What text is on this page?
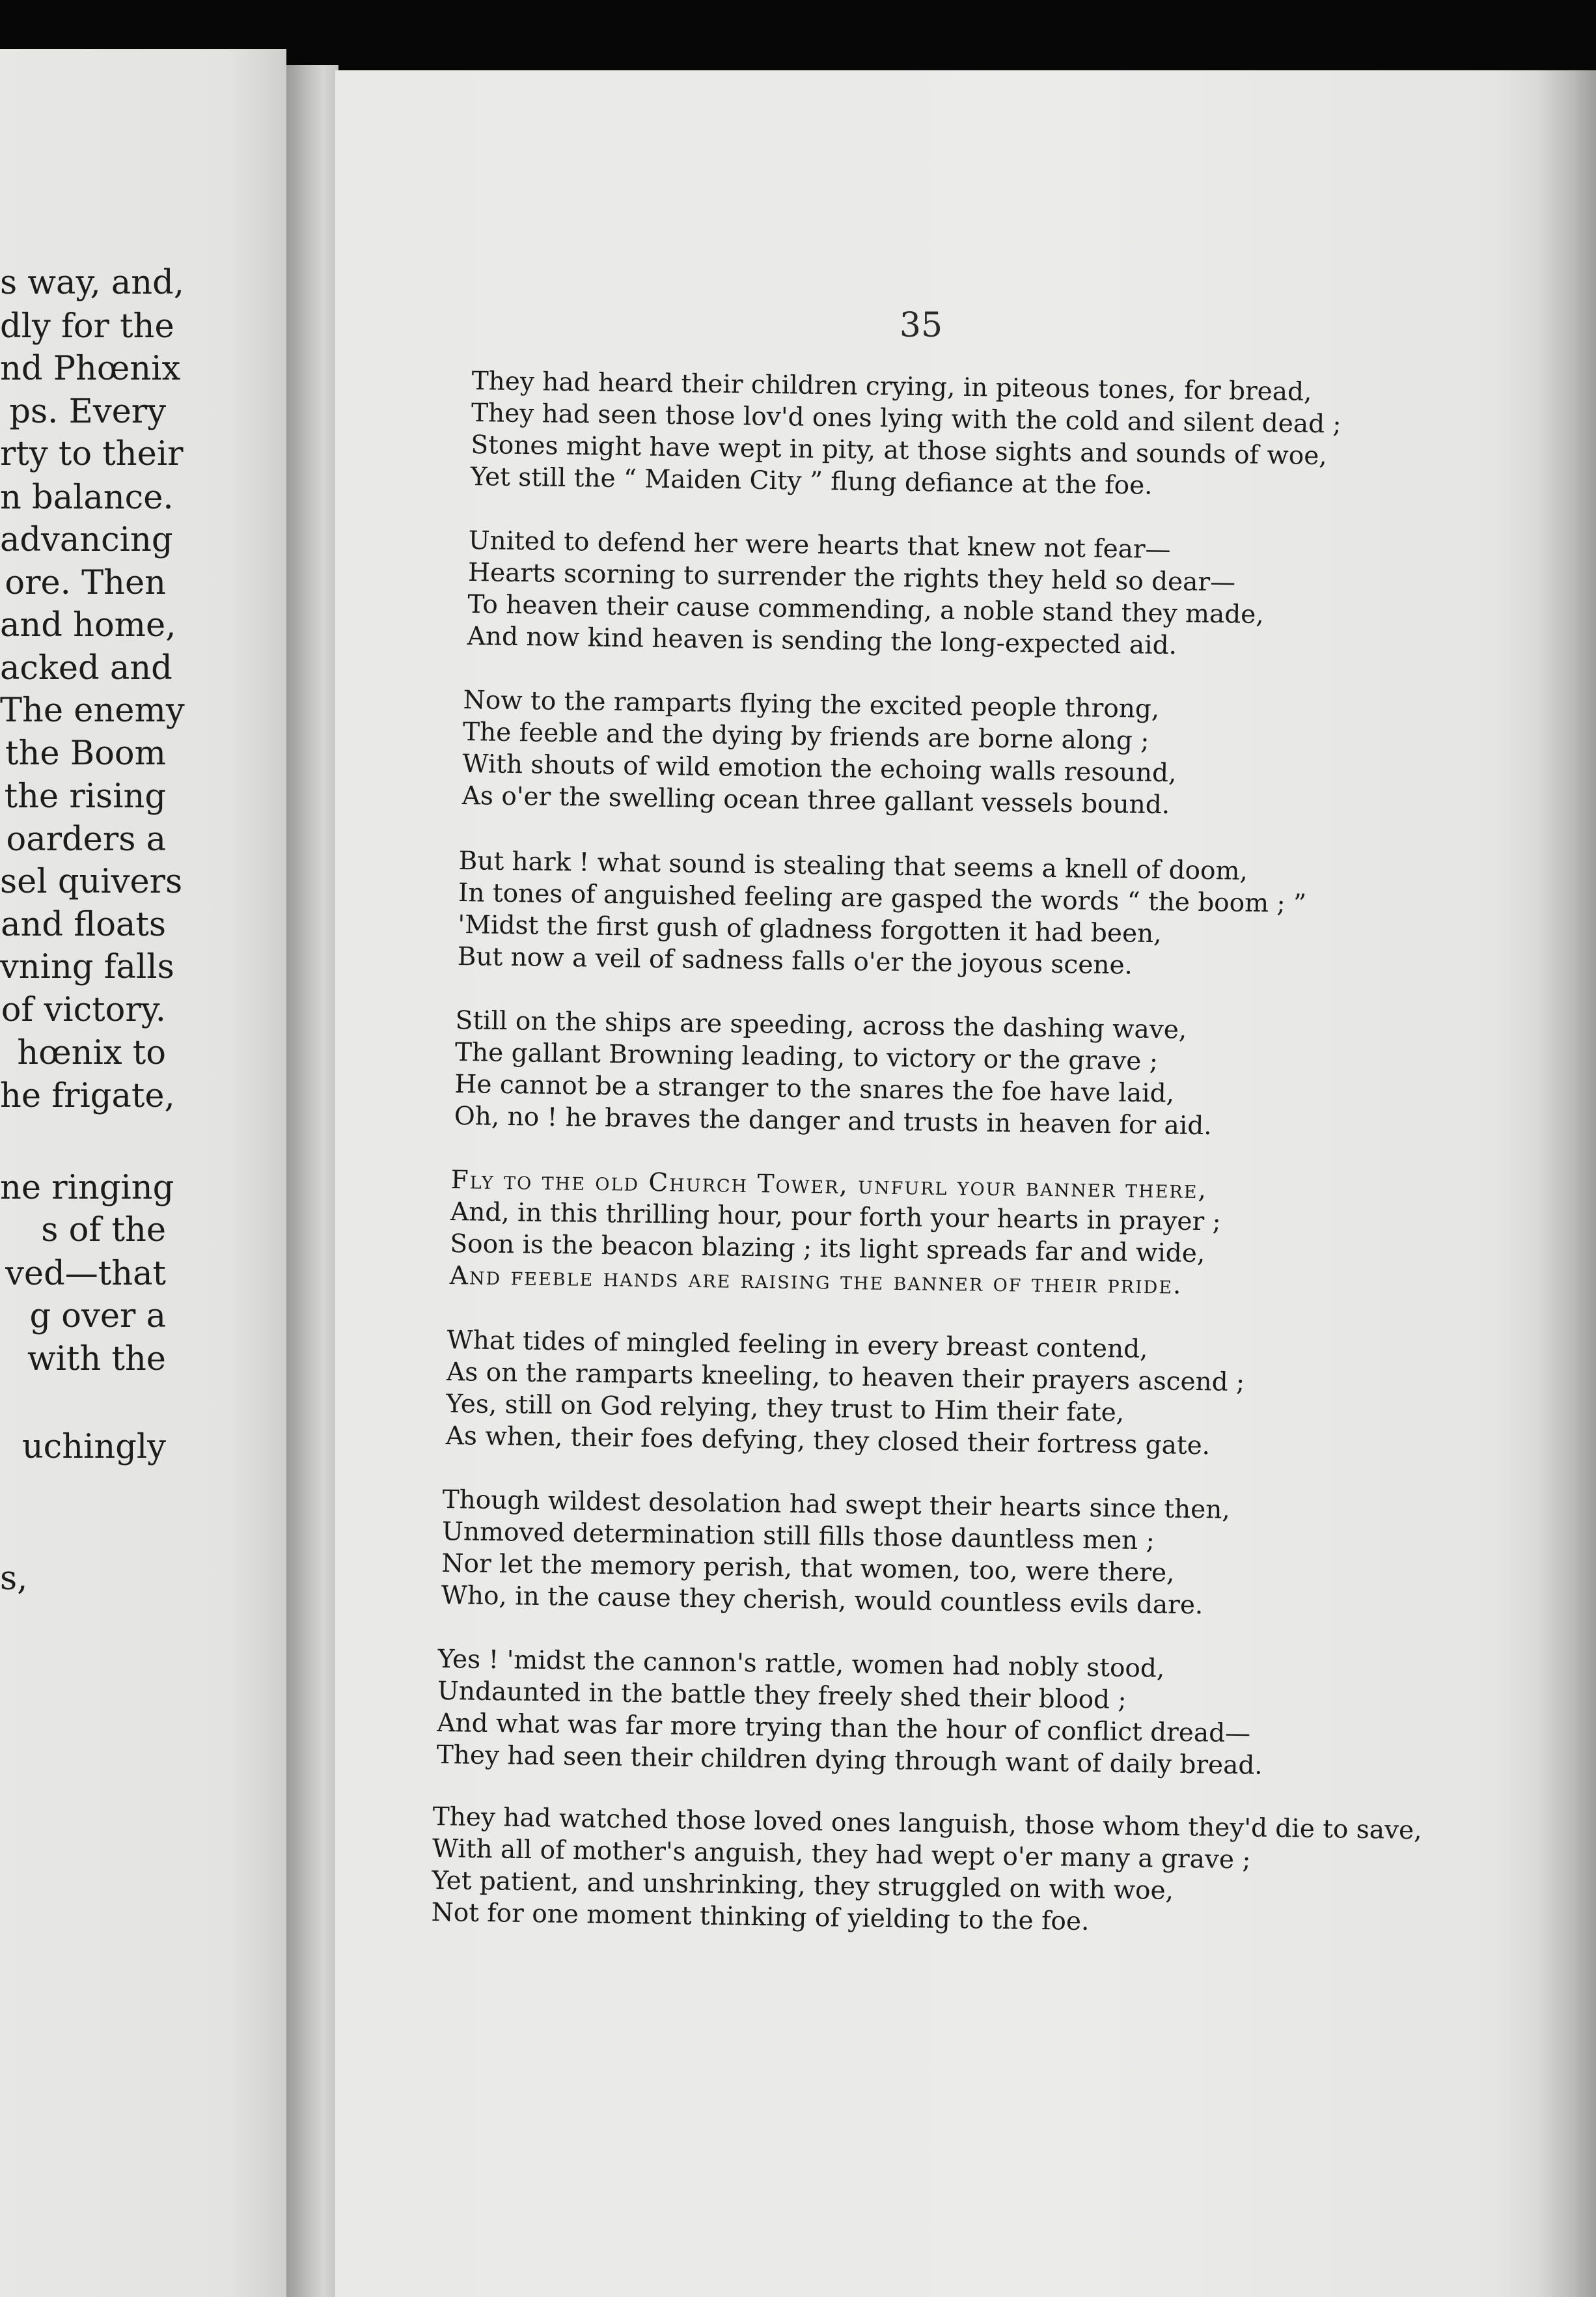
s way, and,
dly for the
nd Phœnix
ps. Every
rty to their
n balance.
advancing
ore. Then
and home,
acked and
The enemy
the Boom
the rising
oarders a
sel quivers
and floats
vning falls
of victory.
hœnix to
he frigate,
ne ringing
s of the
ved—that
g over a
with the
uchingly
s,
35
They had heard their children crying, in piteous tones, for bread,
They had seen those lov'd ones lying with the cold and silent dead ;
Stones might have wept in pity, at those sights and sounds of woe,
Yet still the “ Maiden City ” flung defiance at the foe.
United to defend her were hearts that knew not fear—
Hearts scorning to surrender the rights they held so dear—
To heaven their cause commending, a noble stand they made,
And now kind heaven is sending the long-expected aid.
Now to the ramparts flying the excited people throng,
The feeble and the dying by friends are borne along ;
With shouts of wild emotion the echoing walls resound,
As o'er the swelling ocean three gallant vessels bound.
But hark ! what sound is stealing that seems a knell of doom,
In tones of anguished feeling are gasped the words “ the boom ; ”
'Midst the first gush of gladness forgotten it had been,
But now a veil of sadness falls o'er the joyous scene.
Still on the ships are speeding, across the dashing wave,
The gallant Browning leading, to victory or the grave ;
He cannot be a stranger to the snares the foe have laid,
Oh, no ! he braves the danger and trusts in heaven for aid.
Fly to the old Church Tower, unfurl your banner there,
And, in this thrilling hour, pour forth your hearts in prayer ;
Soon is the beacon blazing ; its light spreads far and wide,
And feeble hands are raising the banner of their pride.
What tides of mingled feeling in every breast contend,
As on the ramparts kneeling, to heaven their prayers ascend ;
Yes, still on God relying, they trust to Him their fate,
As when, their foes defying, they closed their fortress gate.
Though wildest desolation had swept their hearts since then,
Unmoved determination still fills those dauntless men ;
Nor let the memory perish, that women, too, were there,
Who, in the cause they cherish, would countless evils dare.
Yes ! 'midst the cannon's rattle, women had nobly stood,
Undaunted in the battle they freely shed their blood ;
And what was far more trying than the hour of conflict dread—
They had seen their children dying through want of daily bread.
They had watched those loved ones languish, those whom they'd die to save,
With all of mother's anguish, they had wept o'er many a grave ;
Yet patient, and unshrinking, they struggled on with woe,
Not for one moment thinking of yielding to the foe.
